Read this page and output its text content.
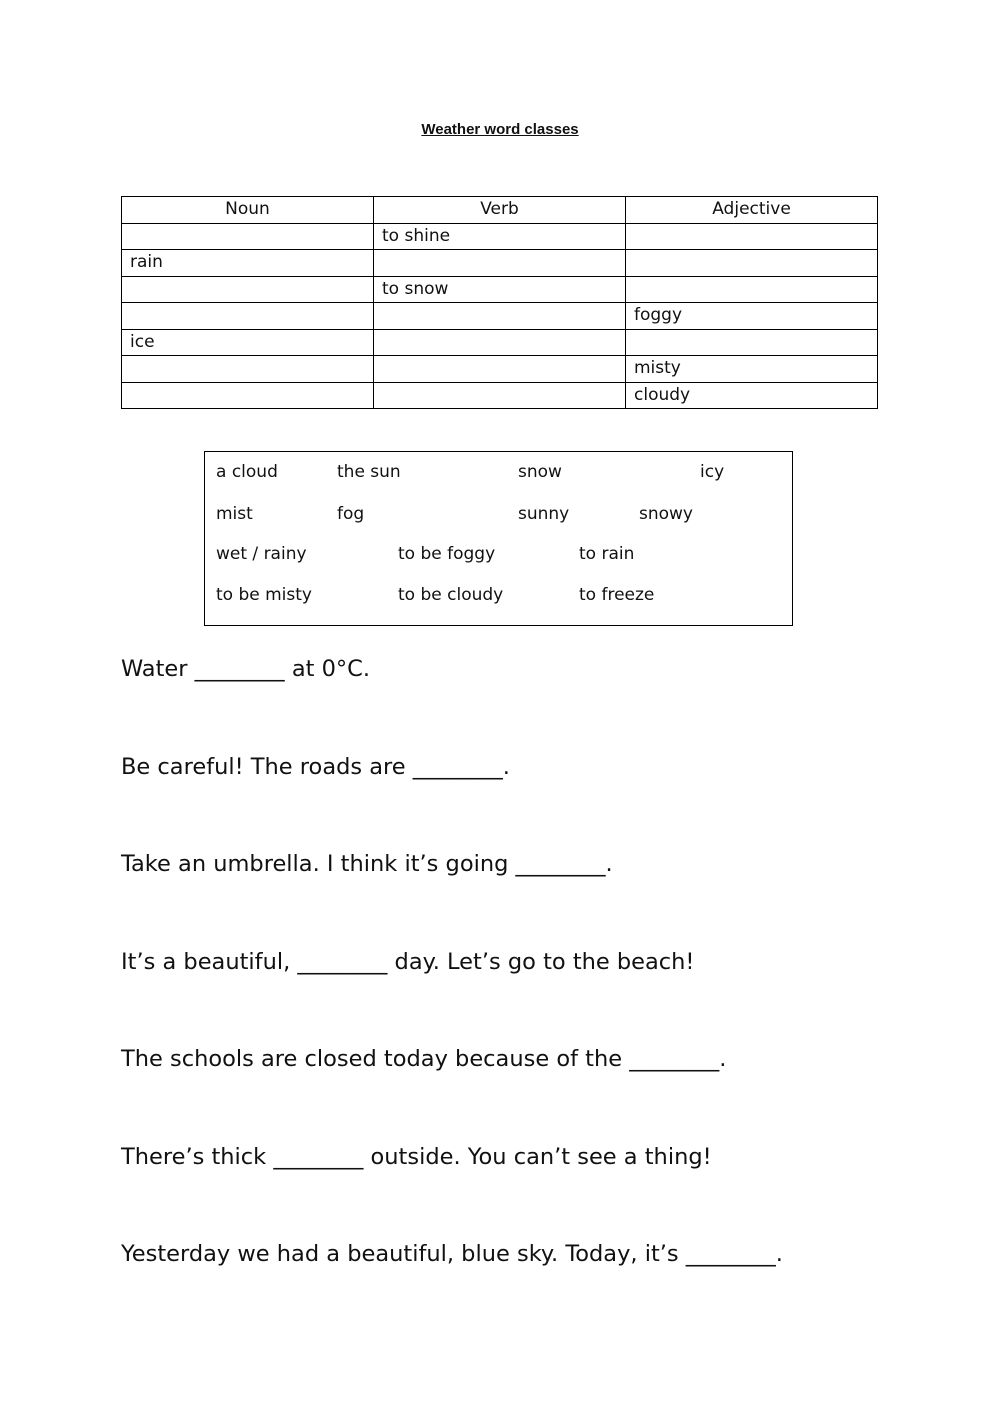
Weather word classes
Noun	Verb	Adjective
	to shine	
rain		
	to snow	
		foggy
ice		
		misty
		cloudy
a cloud	the sun	snow	icy
mist	fog	sunny	snowy
wet / rainy	to be foggy	to rain
to be misty	to be cloudy	to freeze
Water ________ at 0°C.
Be careful! The roads are ________.
Take an umbrella. I think it’s going ________.
It’s a beautiful, ________ day. Let’s go to the beach!
The schools are closed today because of the ________.
There’s thick ________ outside. You can’t see a thing!
Yesterday we had a beautiful, blue sky. Today, it’s ________.
